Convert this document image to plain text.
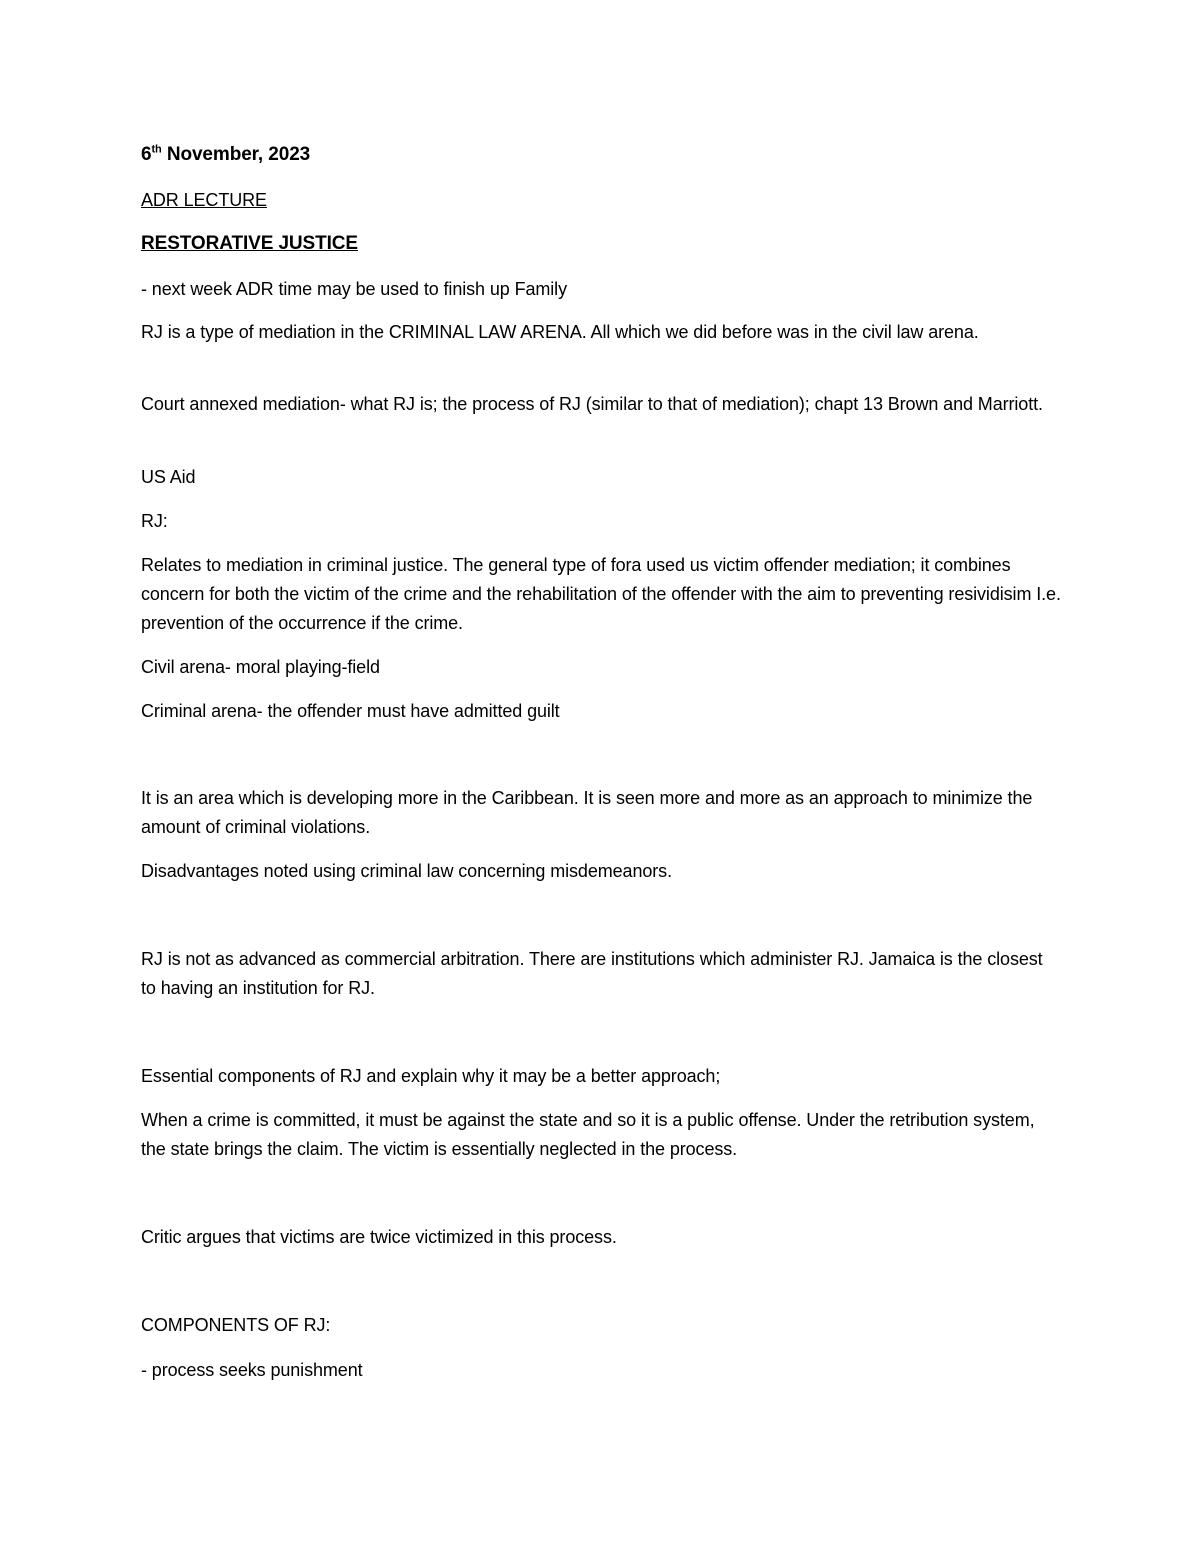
6th November, 2023
ADR LECTURE
RESTORATIVE JUSTICE
- next week ADR time may be used to finish up Family
RJ is a type of mediation in the CRIMINAL LAW ARENA. All which we did before was in the civil law arena.
Court annexed mediation- what RJ is; the process of RJ (similar to that of mediation); chapt 13 Brown and Marriott.
US Aid
RJ:
Relates to mediation in criminal justice. The general type of fora used us victim offender mediation; it combines concern for both the victim of the crime and the rehabilitation of the offender with the aim to preventing resividisim I.e. prevention of the occurrence if the crime.
Civil arena- moral playing-field
Criminal arena- the offender must have admitted guilt
It is an area which is developing more in the Caribbean. It is seen more and more as an approach to minimize the amount of criminal violations.
Disadvantages noted using criminal law concerning misdemeanors.
RJ is not as advanced as commercial arbitration. There are institutions which administer RJ. Jamaica is the closest to having an institution for RJ.
Essential components of RJ and explain why it may be a better approach;
When a crime is committed, it must be against the state and so it is a public offense. Under the retribution system, the state brings the claim. The victim is essentially neglected in the process.
Critic argues that victims are twice victimized in this process.
COMPONENTS OF RJ:
- process seeks punishment
